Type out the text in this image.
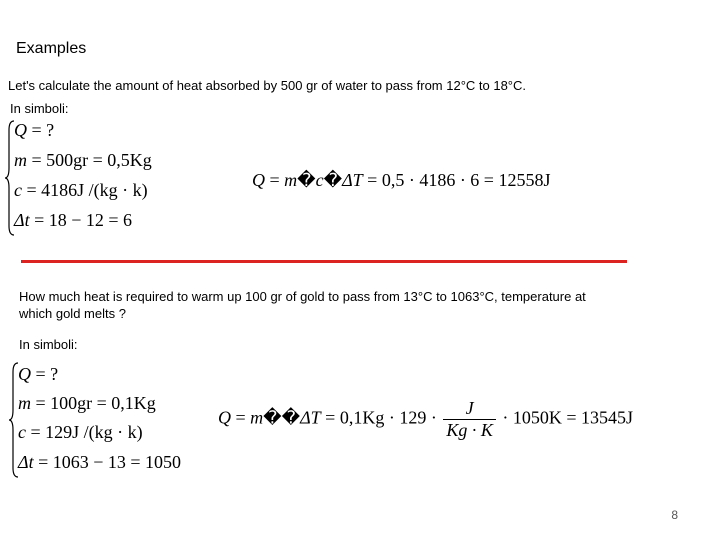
Examples
Let's calculate the amount of heat absorbed by 500 gr of water to pass from 12°C to 18°C.
In simboli:
Q = ?
m = 500gr = 0,5Kg
c = 4186J /(kg · k)
Δt = 18 − 12 = 6
Q = m�c�ΔT = 0,5 · 4186 · 6 = 12558J
How much heat is required to warm up 100 gr of gold to pass from 13°C to 1063°C, temperature at
which gold melts ?
In simboli:
Q = ?
m = 100gr = 0,1Kg
c = 129J /(kg · k)
Δt = 1063 − 13 = 1050
Q = m��ΔT = $0,1Kg \cdot 129 \cdot \frac{J}{Kg \cdot K} \cdot 1050K = 13545J$
8
